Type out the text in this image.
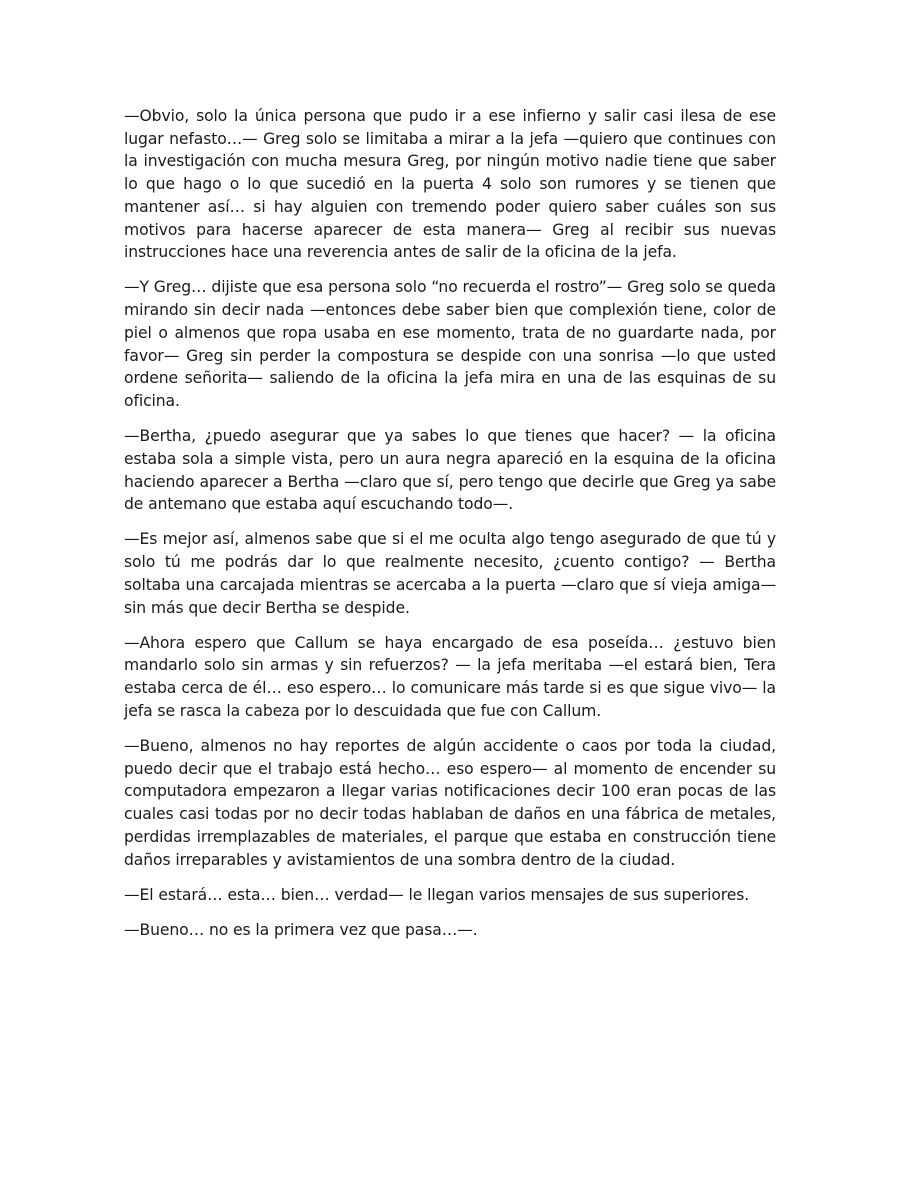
—Obvio, solo la única persona que pudo ir a ese infierno y salir casi ilesa de ese lugar nefasto…— Greg solo se limitaba a mirar a la jefa —quiero que continues con la investigación con mucha mesura Greg, por ningún motivo nadie tiene que saber lo que hago o lo que sucedió en la puerta 4 solo son rumores y se tienen que mantener así… si hay alguien con tremendo poder quiero saber cuáles son sus motivos para hacerse aparecer de esta manera— Greg al recibir sus nuevas instrucciones hace una reverencia antes de salir de la oficina de la jefa.

—Y Greg… dijiste que esa persona solo “no recuerda el rostro”— Greg solo se queda mirando sin decir nada —entonces debe saber bien que complexión tiene, color de piel o almenos que ropa usaba en ese momento, trata de no guardarte nada, por favor— Greg sin perder la compostura se despide con una sonrisa —lo que usted ordene señorita— saliendo de la oficina la jefa mira en una de las esquinas de su oficina.

—Bertha, ¿puedo asegurar que ya sabes lo que tienes que hacer? — la oficina estaba sola a simple vista, pero un aura negra apareció en la esquina de la oficina haciendo aparecer a Bertha —claro que sí, pero tengo que decirle que Greg ya sabe de antemano que estaba aquí escuchando todo—.

—Es mejor así, almenos sabe que si el me oculta algo tengo asegurado de que tú y solo tú me podrás dar lo que realmente necesito, ¿cuento contigo? — Bertha soltaba una carcajada mientras se acercaba a la puerta —claro que sí vieja amiga— sin más que decir Bertha se despide.

—Ahora espero que Callum se haya encargado de esa poseída… ¿estuvo bien mandarlo solo sin armas y sin refuerzos? — la jefa meritaba —el estará bien, Tera estaba cerca de él… eso espero… lo comunicare más tarde si es que sigue vivo— la jefa se rasca la cabeza por lo descuidada que fue con Callum.

—Bueno, almenos no hay reportes de algún accidente o caos por toda la ciudad, puedo decir que el trabajo está hecho… eso espero— al momento de encender su computadora empezaron a llegar varias notificaciones decir 100 eran pocas de las cuales casi todas por no decir todas hablaban de daños en una fábrica de metales, perdidas irremplazables de materiales, el parque que estaba en construcción tiene daños irreparables y avistamientos de una sombra dentro de la ciudad.

—El estará… esta… bien… verdad— le llegan varios mensajes de sus superiores.

—Bueno… no es la primera vez que pasa…—.
